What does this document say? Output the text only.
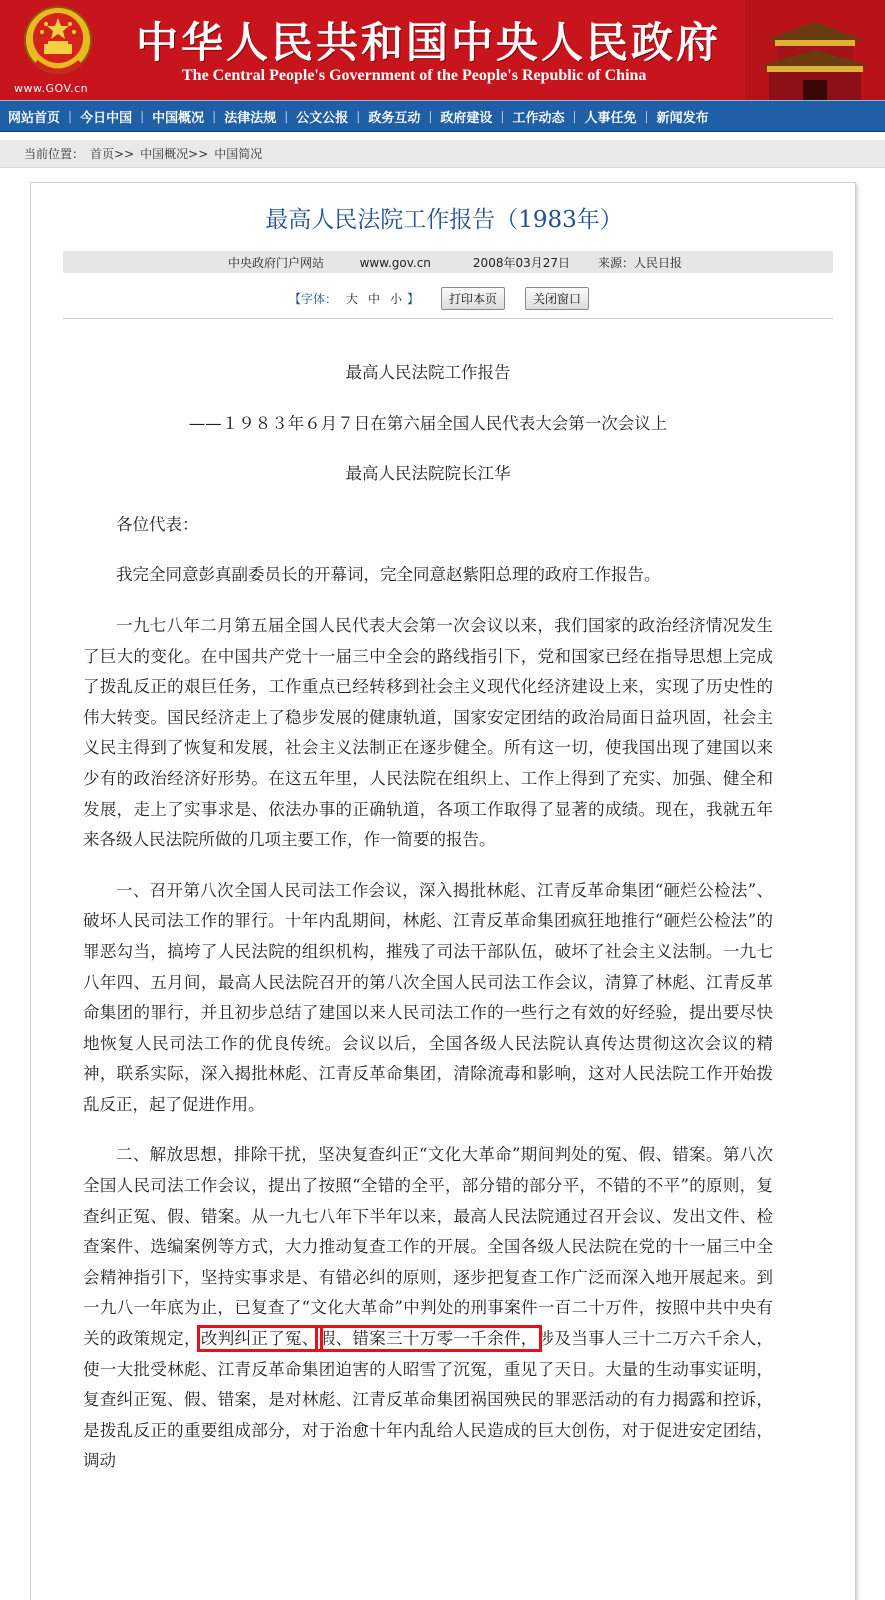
www.GOV.cn
中华人民共和国中央人民政府
The Central People's Government of the People's Republic of China
网站首页 | 今日中国 | 中国概况 | 法律法规 | 公文公报 | 政务互动 | 政府建设 | 工作动态 | 人事任免 | 新闻发布
当前位置： 首页>> 中国概况>> 中国简况
最高人民法院工作报告（1983年）
中央政府门户网站	www.gov.cn	2008年03月27日 来源：人民日报
【字体： 大 中 小 】	打印本页	关闭窗口

最高人民法院工作报告

——１９８３年６月７日在第六届全国人民代表大会第一次会议上

最高人民法院院长江华

各位代表：

我完全同意彭真副委员长的开幕词，完全同意赵紫阳总理的政府工作报告。

一九七八年二月第五届全国人民代表大会第一次会议以来，我们国家的政治经济情况发生了巨大的变化。在中国共产党十一届三中全会的路线指引下，党和国家已经在指导思想上完成了拨乱反正的艰巨任务，工作重点已经转移到社会主义现代化经济建设上来，实现了历史性的伟大转变。国民经济走上了稳步发展的健康轨道，国家安定团结的政治局面日益巩固，社会主义民主得到了恢复和发展，社会主义法制正在逐步健全。所有这一切，使我国出现了建国以来少有的政治经济好形势。在这五年里，人民法院在组织上、工作上得到了充实、加强、健全和发展，走上了实事求是、依法办事的正确轨道，各项工作取得了显著的成绩。现在，我就五年来各级人民法院所做的几项主要工作，作一简要的报告。

一、召开第八次全国人民司法工作会议，深入揭批林彪、江青反革命集团“砸烂公检法”、破坏人民司法工作的罪行。十年内乱期间，林彪、江青反革命集团疯狂地推行“砸烂公检法”的罪恶勾当，搞垮了人民法院的组织机构，摧残了司法干部队伍，破坏了社会主义法制。一九七八年四、五月间，最高人民法院召开的第八次全国人民司法工作会议，清算了林彪、江青反革命集团的罪行，并且初步总结了建国以来人民司法工作的一些行之有效的好经验，提出要尽快地恢复人民司法工作的优良传统。会议以后，全国各级人民法院认真传达贯彻这次会议的精神，联系实际，深入揭批林彪、江青反革命集团，清除流毒和影响，这对人民法院工作开始拨乱反正，起了促进作用。

二、解放思想，排除干扰，坚决复查纠正“文化大革命”期间判处的冤、假、错案。第八次全国人民司法工作会议，提出了按照“全错的全平，部分错的部分平，不错的不平”的原则，复查纠正冤、假、错案。从一九七八年下半年以来，最高人民法院通过召开会议、发出文件、检查案件、选编案例等方式，大力推动复查工作的开展。全国各级人民法院在党的十一届三中全会精神指引下，坚持实事求是、有错必纠的原则，逐步把复查工作广泛而深入地开展起来。到一九八一年底为止，已复查了“文化大革命”中判处的刑事案件一百二十万件，按照中共中央有关的政策规定，改判纠正了冤、假、错案三十万零一千余件，涉及当事人三十二万六千余人，使一大批受林彪、江青反革命集团迫害的人昭雪了沉冤，重见了天日。大量的生动事实证明，复查纠正冤、假、错案，是对林彪、江青反革命集团祸国殃民的罪恶活动的有力揭露和控诉，是拨乱反正的重要组成部分，对于治愈十年内乱给人民造成的巨大创伤，对于促进安定团结，调动
